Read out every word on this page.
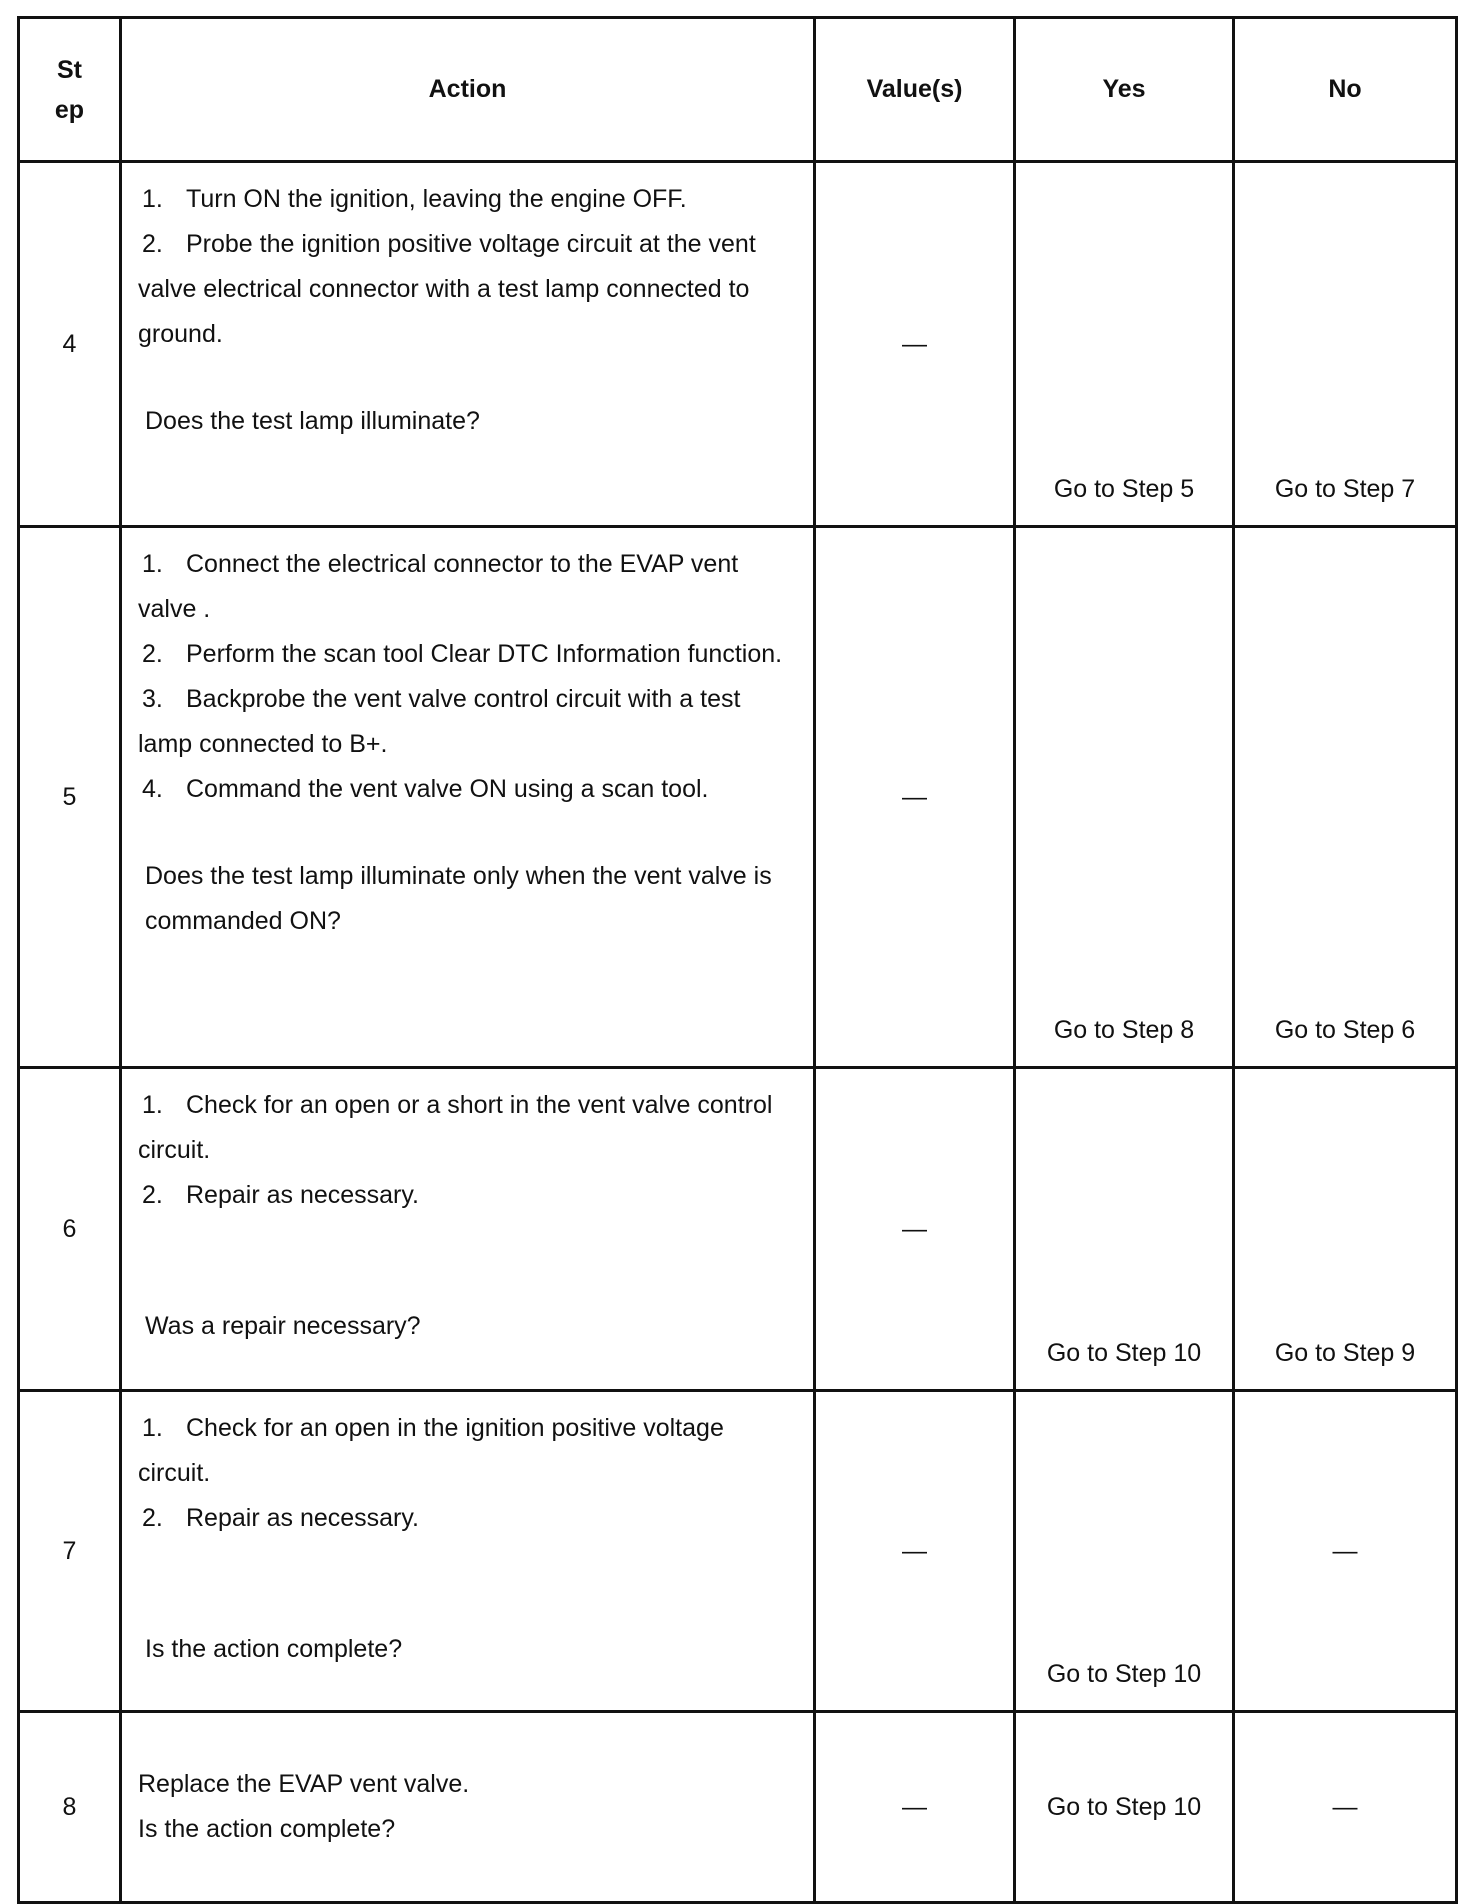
St ep	Action	Value(s)	Yes	No
4	1. Turn ON the ignition, leaving the engine OFF.
2. Probe the ignition positive voltage circuit at the vent valve electrical connector with a test lamp connected to ground.
Does the test lamp illuminate?	—	Go to Step 5	Go to Step 7

5	1. Connect the electrical connector to the EVAP vent valve .
2. Perform the scan tool Clear DTC Information function.
3. Backprobe the vent valve control circuit with a test lamp connected to B+.
4. Command the vent valve ON using a scan tool.
Does the test lamp illuminate only when the vent valve is commanded ON?	—	Go to Step 8	Go to Step 6

6	1. Check for an open or a short in the vent valve control circuit.
2. Repair as necessary.
Was a repair necessary?	—	Go to Step 10	Go to Step 9

7	1. Check for an open in the ignition positive voltage circuit.
2. Repair as necessary.
Is the action complete?	—	Go to Step 10	—
8	Replace the EVAP vent valve.
Is the action complete?	—	Go to Step 10	—
